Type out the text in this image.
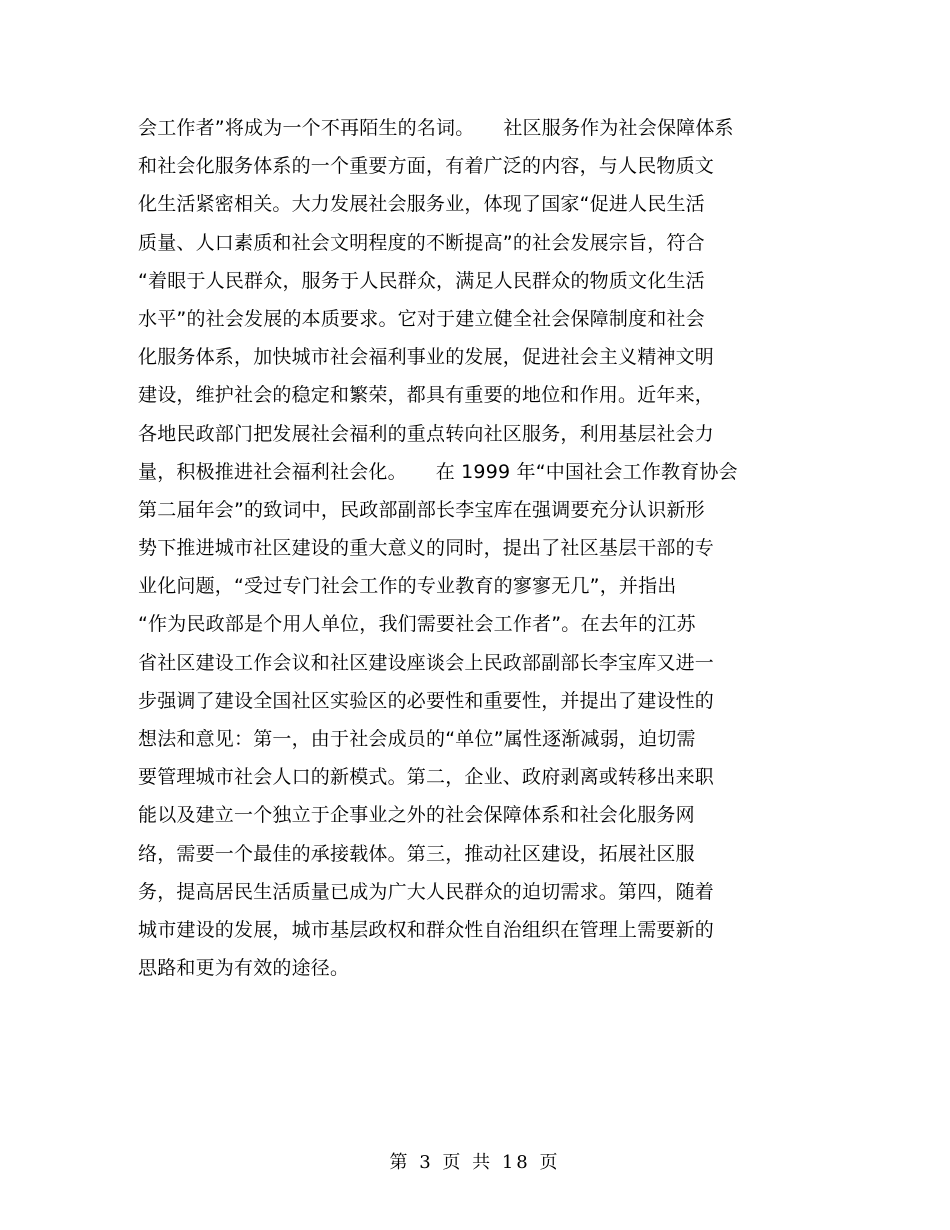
会工作者”将成为一个不再陌生的名词。　　社区服务作为社会保障体系
和社会化服务体系的一个重要方面，有着广泛的内容，与人民物质文
化生活紧密相关。大力发展社会服务业，体现了国家“促进人民生活
质量、人口素质和社会文明程度的不断提高”的社会发展宗旨，符合
“着眼于人民群众，服务于人民群众，满足人民群众的物质文化生活
水平”的社会发展的本质要求。它对于建立健全社会保障制度和社会
化服务体系，加快城市社会福利事业的发展，促进社会主义精神文明
建设，维护社会的稳定和繁荣，都具有重要的地位和作用。近年来，
各地民政部门把发展社会福利的重点转向社区服务，利用基层社会力
量，积极推进社会福利社会化。　　在 1999 年“中国社会工作教育协会
第二届年会”的致词中，民政部副部长李宝库在强调要充分认识新形
势下推进城市社区建设的重大意义的同时，提出了社区基层干部的专
业化问题，“受过专门社会工作的专业教育的寥寥无几”，并指出
“作为民政部是个用人单位，我们需要社会工作者”。在去年的江苏
省社区建设工作会议和社区建设座谈会上民政部副部长李宝库又进一
步强调了建设全国社区实验区的必要性和重要性，并提出了建设性的
想法和意见：第一，由于社会成员的“单位”属性逐渐减弱，迫切需
要管理城市社会人口的新模式。第二，企业、政府剥离或转移出来职
能以及建立一个独立于企事业之外的社会保障体系和社会化服务网
络，需要一个最佳的承接载体。第三，推动社区建设，拓展社区服
务，提高居民生活质量已成为广大人民群众的迫切需求。第四，随着
城市建设的发展，城市基层政权和群众性自治组织在管理上需要新的
思路和更为有效的途径。
第 3 页 共 18 页
